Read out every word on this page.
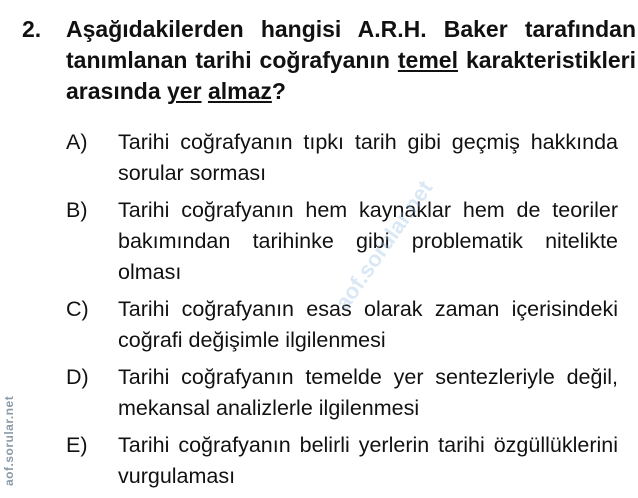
2. Aşağıdakilerden hangisi A.R.H. Baker tarafından tanımlanan tarihi coğrafyanın temel karakteristikleri arasında yer almaz?
A)	Tarihi coğrafyanın tıpkı tarih gibi geçmiş hakkında sorular sorması
B)	Tarihi coğrafyanın hem kaynaklar hem de teoriler bakımından tarihinke gibi problematik nitelikte olması
C)	Tarihi coğrafyanın esas olarak zaman içerisindeki coğrafi değişimle ilgilenmesi
D)	Tarihi coğrafyanın temelde yer sentezleriyle değil, mekansal analizlerle ilgilenmesi
E)	Tarihi coğrafyanın belirli yerlerin tarihi özgüllüklerini vurgulaması
aof.sorular.net
aof.sorular.net
